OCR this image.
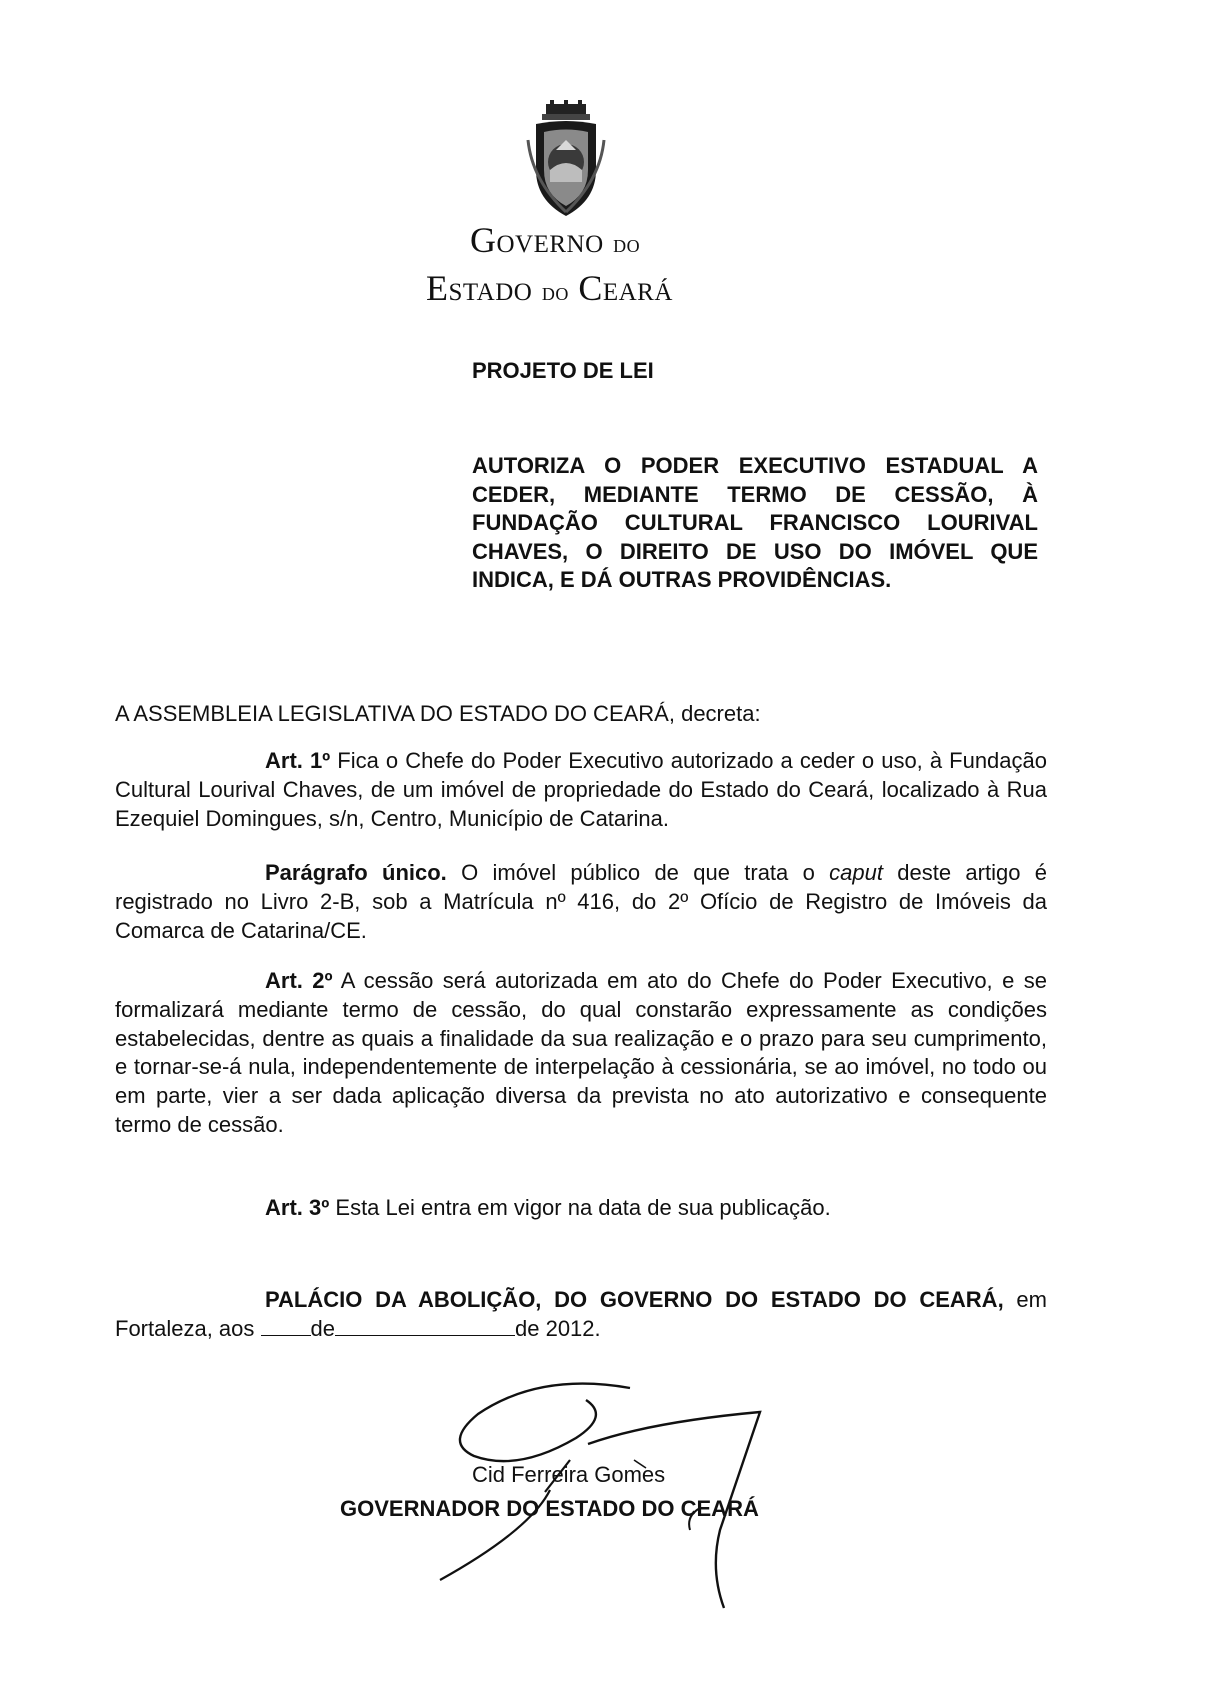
Governo do
Estado do Ceará
PROJETO DE LEI
AUTORIZA O PODER EXECUTIVO ESTADUAL A CEDER, MEDIANTE TERMO DE CESSÃO, À FUNDAÇÃO CULTURAL FRANCISCO LOURIVAL CHAVES, O DIREITO DE USO DO IMÓVEL QUE INDICA, E DÁ OUTRAS PROVIDÊNCIAS.
A ASSEMBLEIA LEGISLATIVA DO ESTADO DO CEARÁ, decreta:
Art. 1º Fica o Chefe do Poder Executivo autorizado a ceder o uso, à Fundação Cultural Lourival Chaves, de um imóvel de propriedade do Estado do Ceará, localizado à Rua Ezequiel Domingues, s/n, Centro, Município de Catarina.
Parágrafo único. O imóvel público de que trata o caput deste artigo é registrado no Livro 2-B, sob a Matrícula nº 416, do 2º Ofício de Registro de Imóveis da Comarca de Catarina/CE.
Art. 2º A cessão será autorizada em ato do Chefe do Poder Executivo, e se formalizará mediante termo de cessão, do qual constarão expressamente as condições estabelecidas, dentre as quais a finalidade da sua realização e o prazo para seu cumprimento, e tornar-se-á nula, independentemente de interpelação à cessionária, se ao imóvel, no todo ou em parte, vier a ser dada aplicação diversa da prevista no ato autorizativo e consequente termo de cessão.
Art. 3º Esta Lei entra em vigor na data de sua publicação.
PALÁCIO DA ABOLIÇÃO, DO GOVERNO DO ESTADO DO CEARÁ, em Fortaleza, aos de	de 2012.
Cid Ferreira Gomes
GOVERNADOR DO ESTADO DO CEARÁ
